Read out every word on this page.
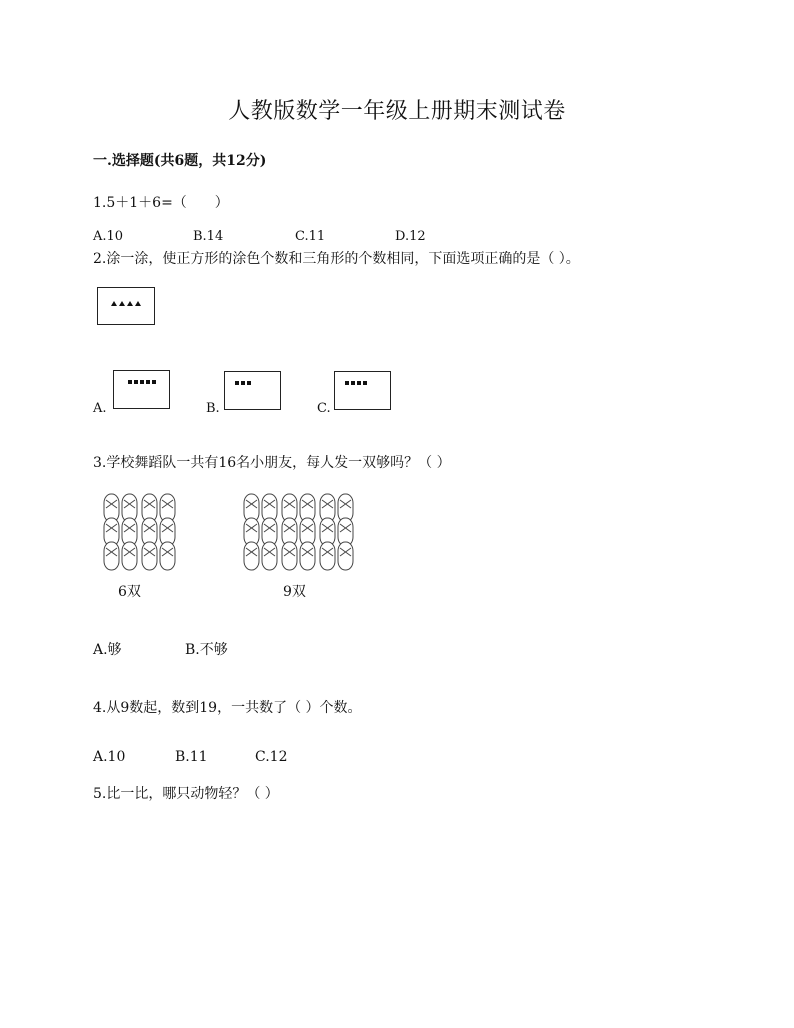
人教版数学一年级上册期末测试卷
一.选择题(共6题，共12分)
1.5＋1＋6=（　　）
A.10	B.14	C.11	D.12
2.涂一涂，使正方形的涂色个数和三角形的个数相同，下面选项正确的是（ ）。
A.	B.	C.
3.学校舞蹈队一共有16名小朋友，每人发一双够吗？（ ）
6双	9双
A.够	B.不够
4.从9数起，数到19，一共数了（ ）个数。
A.10	B.11	C.12
5.比一比，哪只动物轻？（ ）
